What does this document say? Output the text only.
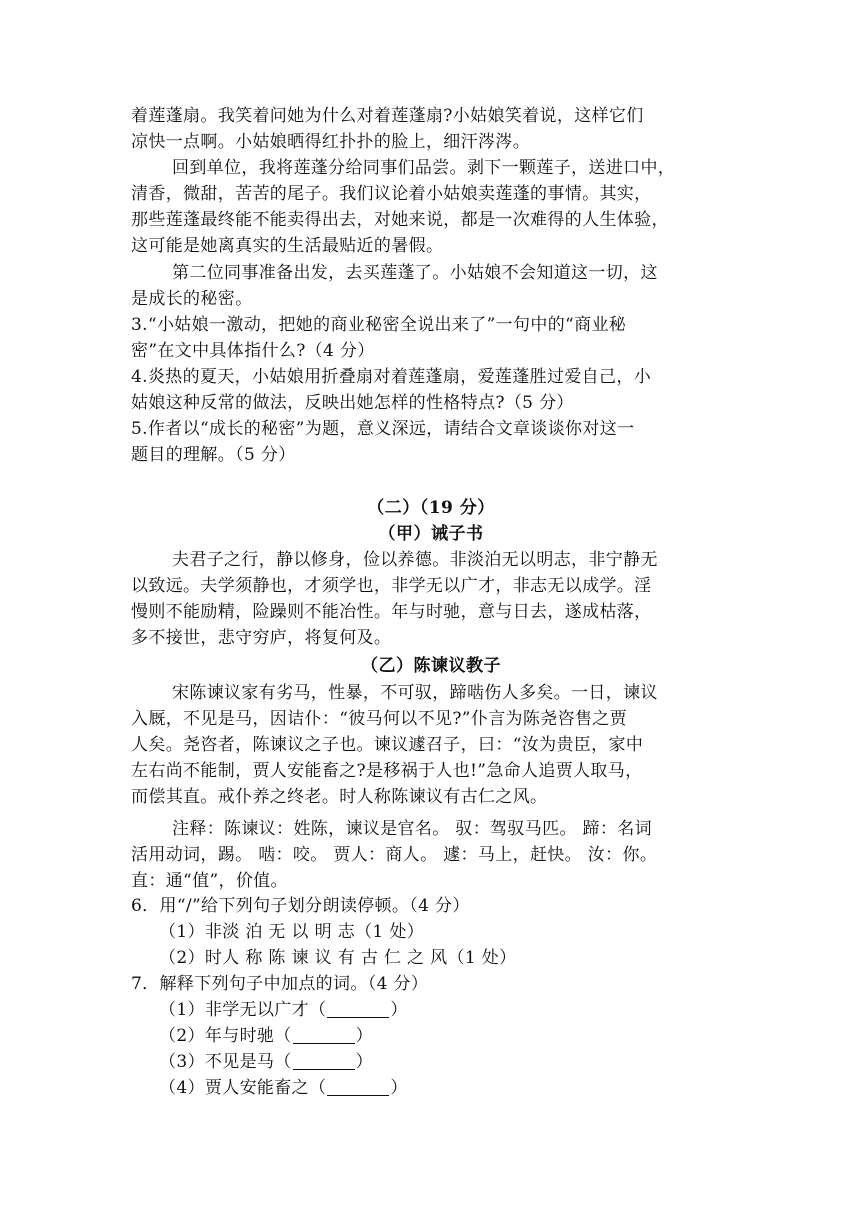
着莲蓬扇。我笑着问她为什么对着莲蓬扇?小姑娘笑着说，这样它们
凉快一点啊。小姑娘晒得红扑扑的脸上，细汗涔涔。
回到单位，我将莲蓬分给同事们品尝。剥下一颗莲子，送进口中，
清香，微甜，苦苦的尾子。我们议论着小姑娘卖莲蓬的事情。其实，
那些莲蓬最终能不能卖得出去，对她来说，都是一次难得的人生体验，
这可能是她离真实的生活最贴近的暑假。
第二位同事准备出发，去买莲蓬了。小姑娘不会知道这一切，这
是成长的秘密。
3.“小姑娘一激动，把她的商业秘密全说出来了”一句中的“商业秘
密”在文中具体指什么?（4 分）
4.炎热的夏天，小姑娘用折叠扇对着莲蓬扇，爱莲蓬胜过爱自己，小
姑娘这种反常的做法，反映出她怎样的性格特点?（5 分）
5.作者以“成长的秘密”为题，意义深远，请结合文章谈谈你对这一
题目的理解。（5 分）
（二）（19 分）
（甲）诫子书
夫君子之行，静以修身，俭以养德。非淡泊无以明志，非宁静无
以致远。夫学须静也，才须学也，非学无以广才，非志无以成学。淫
慢则不能励精，险躁则不能冶性。年与时驰，意与日去，遂成枯落，
多不接世，悲守穷庐，将复何及。
（乙）陈谏议教子
宋陈谏议家有劣马，性暴，不可驭，蹄啮伤人多矣。一日，谏议
入厩，不见是马，因诘仆：“彼马何以不见?”仆言为陈尧咨售之贾
人矣。尧咨者，陈谏议之子也。谏议遽召子，曰：“汝为贵臣，家中
左右尚不能制，贾人安能畜之?是移祸于人也!”急命人追贾人取马，
而偿其直。戒仆养之终老。时人称陈谏议有古仁之风。
注释：陈谏议：姓陈，谏议是官名。 驭：驾驭马匹。 蹄：名词
活用动词，踢。 啮：咬。 贾人：商人。 遽：马上，赶快。 汝：你。
直：通“值”，价值。
6．用“/”给下列句子划分朗读停顿。（4 分）
（1）非淡 泊 无 以 明 志（1 处）
（2）时人 称 陈 谏 议 有 古 仁 之 风（1 处）
7．解释下列句子中加点的词。（4 分）
（1）非学无以广才（	）
（2）年与时驰（	）
（3）不见是马（	）
（4）贾人安能畜之（	）
